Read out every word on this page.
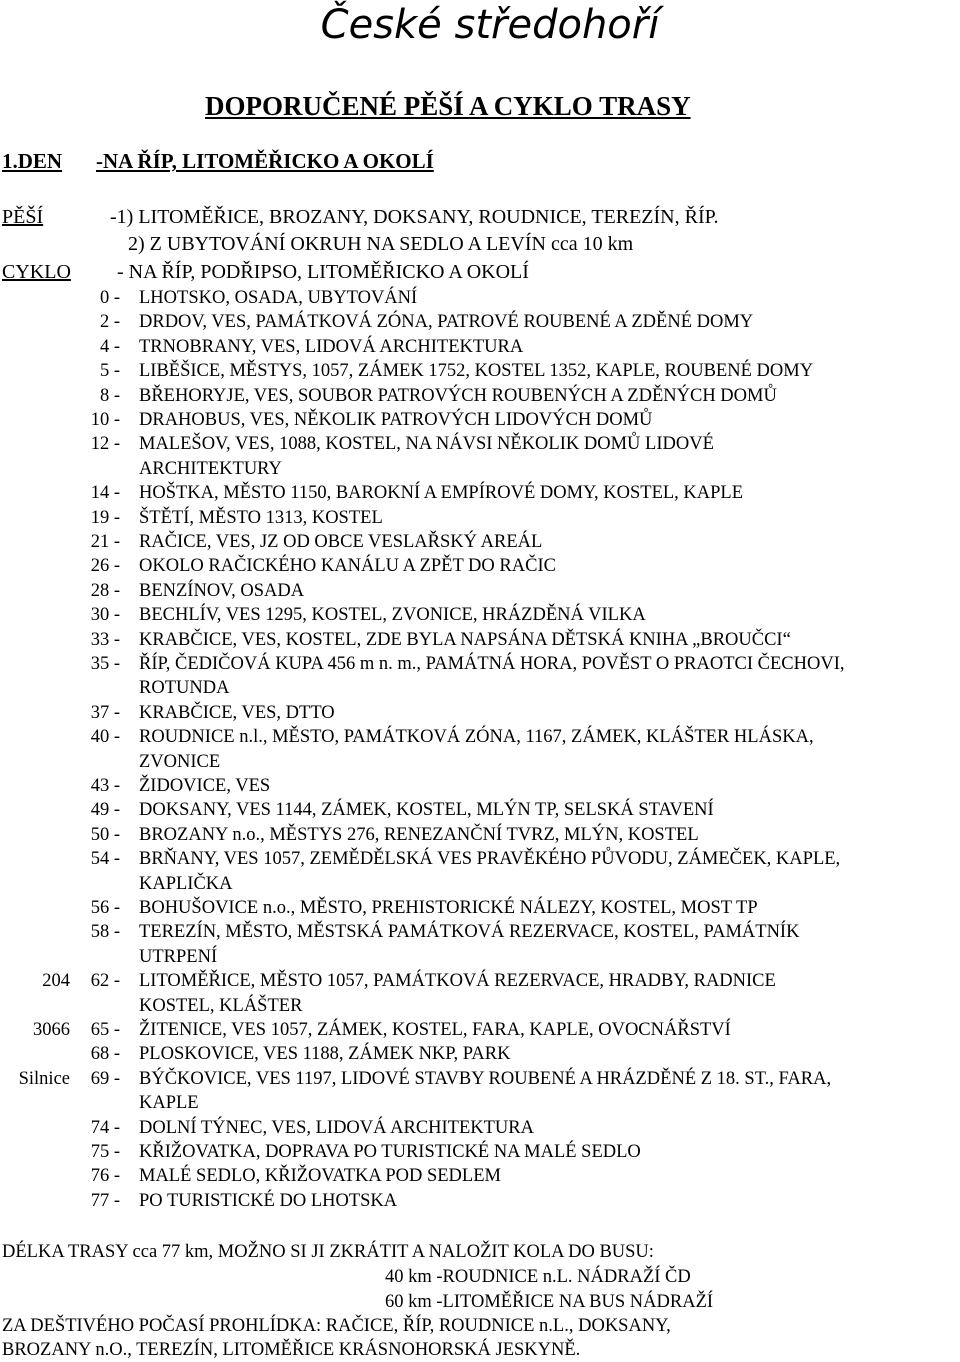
České středohoří
DOPORUČENÉ PĚŠÍ A CYKLO TRASY
1.DEN -NA ŘÍP, LITOMĚŘICKO A OKOLÍ
PĚŠÍ	-1) LITOMĚŘICE, BROZANY, DOKSANY, ROUDNICE, TEREZÍN, ŘÍP.
2) Z UBYTOVÁNÍ OKRUH NA SEDLO A LEVÍN cca 10 km
CYKLO - NA ŘÍP, PODŘIPSO, LITOMĚŘICKO A OKOLÍ
0 - LHOTSKO, OSADA, UBYTOVÁNÍ
2 - DRDOV, VES, PAMÁTKOVÁ ZÓNA, PATROVÉ ROUBENÉ A ZDĚNÉ DOMY
4 - TRNOBRANY, VES, LIDOVÁ ARCHITEKTURA
5 - LIBĚŠICE, MĚSTYS, 1057, ZÁMEK 1752, KOSTEL 1352, KAPLE, ROUBENÉ DOMY
8 - BŘEHORYJE, VES, SOUBOR PATROVÝCH ROUBENÝCH A ZDĚNÝCH DOMŮ
10 - DRAHOBUS, VES, NĚKOLIK PATROVÝCH LIDOVÝCH DOMŮ
12 - MALEŠOV, VES, 1088, KOSTEL, NA NÁVSI NĚKOLIK DOMŮ LIDOVÉ
ARCHITEKTURY
14 - HOŠTKA, MĚSTO 1150, BAROKNÍ A EMPÍROVÉ DOMY, KOSTEL, KAPLE
19 - ŠTĚTÍ, MĚSTO 1313, KOSTEL
21 - RAČICE, VES, JZ OD OBCE VESLAŘSKÝ AREÁL
26 - OKOLO RAČICKÉHO KANÁLU A ZPĚT DO RAČIC
28 - BENZÍNOV, OSADA
30 - BECHLÍV, VES 1295, KOSTEL, ZVONICE, HRÁZDĚNÁ VILKA
33 - KRABČICE, VES, KOSTEL, ZDE BYLA NAPSÁNA DĚTSKÁ KNIHA „BROUČCI“
35 - ŘÍP, ČEDIČOVÁ KUPA 456 m n. m., PAMÁTNÁ HORA, POVĚST O PRAOTCI ČECHOVI,
ROTUNDA
37 - KRABČICE, VES, DTTO
40 - ROUDNICE n.l., MĚSTO, PAMÁTKOVÁ ZÓNA, 1167, ZÁMEK, KLÁŠTER HLÁSKA,
ZVONICE
43 - ŽIDOVICE, VES
49 - DOKSANY, VES 1144, ZÁMEK, KOSTEL, MLÝN TP, SELSKÁ STAVENÍ
50 - BROZANY n.o., MĚSTYS 276, RENEZANČNÍ TVRZ, MLÝN, KOSTEL
54 - BRŇANY, VES 1057, ZEMĚDĚLSKÁ VES PRAVĚKÉHO PŮVODU, ZÁMEČEK, KAPLE,
KAPLIČKA
56 - BOHUŠOVICE n.o., MĚSTO, PREHISTORICKÉ NÁLEZY, KOSTEL, MOST TP
58 - TEREZÍN, MĚSTO, MĚSTSKÁ PAMÁTKOVÁ REZERVACE, KOSTEL, PAMÁTNÍK
UTRPENÍ
204 62 - LITOMĚŘICE, MĚSTO 1057, PAMÁTKOVÁ REZERVACE, HRADBY, RADNICE
KOSTEL, KLÁŠTER
3066 65 - ŽITENICE, VES 1057, ZÁMEK, KOSTEL, FARA, KAPLE, OVOCNÁŘSTVÍ
68 - PLOSKOVICE, VES 1188, ZÁMEK NKP, PARK
Silnice 69 - BÝČKOVICE, VES 1197, LIDOVÉ STAVBY ROUBENÉ A HRÁZDĚNÉ Z 18. ST., FARA,
KAPLE
74 - DOLNÍ TÝNEC, VES, LIDOVÁ ARCHITEKTURA
75 - KŘIŽOVATKA, DOPRAVA PO TURISTICKÉ NA MALÉ SEDLO
76 - MALÉ SEDLO, KŘIŽOVATKA POD SEDLEM
77 - PO TURISTICKÉ DO LHOTSKA
DÉLKA TRASY cca 77 km, MOŽNO SI JI ZKRÁTIT A NALOŽIT KOLA DO BUSU:
40 km -ROUDNICE n.L. NÁDRAŽÍ ČD
60 km -LITOMĚŘICE NA BUS NÁDRAŽÍ
ZA DEŠTIVÉHO POČASÍ PROHLÍDKA: RAČICE, ŘÍP, ROUDNICE n.L., DOKSANY,
BROZANY n.O., TEREZÍN, LITOMĚŘICE KRÁSNOHORSKÁ JESKYNĚ.
